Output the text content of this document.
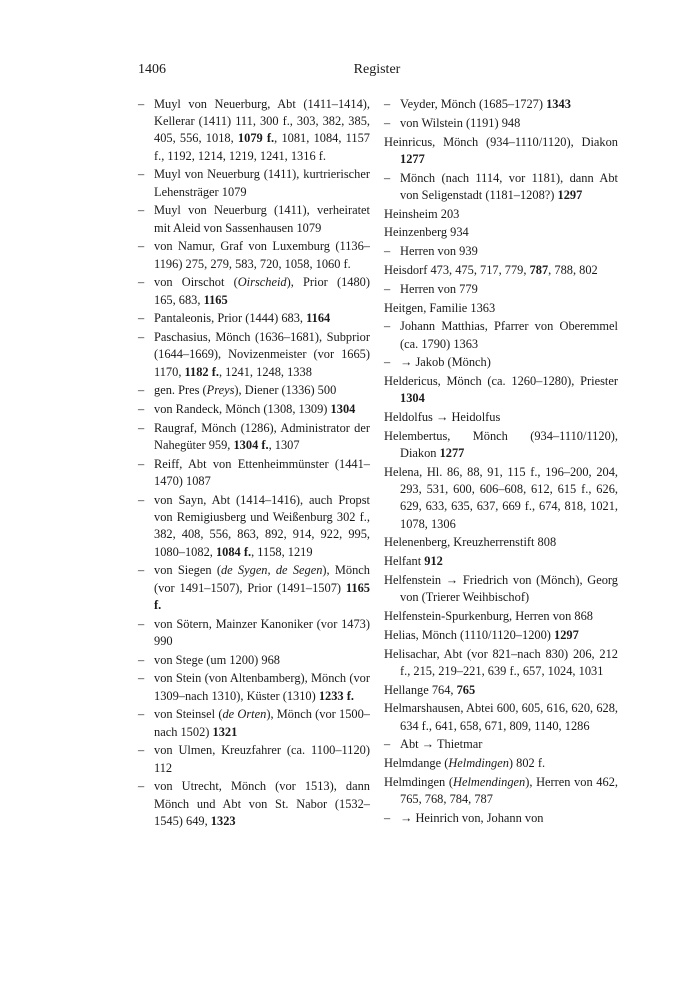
1406	Register

– Muyl von Neuerburg, Abt (1411–1414), Kellerar (1411) 111, 300 f., 303, 382, 385, 405, 556, 1018, 1079 f., 1081, 1084, 1157 f., 1192, 1214, 1219, 1241, 1316 f.

– Muyl von Neuerburg (1411), kurtrierischer Lehensträger 1079

– Muyl von Neuerburg (1411), verheiratet mit Aleid von Sassenhausen 1079

– von Namur, Graf von Luxemburg (1136–1196) 275, 279, 583, 720, 1058, 1060 f.

– von Oirschot (Oirscheid), Prior (1480) 165, 683, 1165

– Pantaleonis, Prior (1444) 683, 1164

– Paschasius, Mönch (1636–1681), Subprior (1644–1669), Novizenmeister (vor 1665) 1170, 1182 f., 1241, 1248, 1338

– gen. Pres (Preys), Diener (1336) 500

– von Randeck, Mönch (1308, 1309) 1304

– Raugraf, Mönch (1286), Administrator der Nahegüter 959, 1304 f., 1307

– Reiff, Abt von Ettenheimmünster (1441–1470) 1087

– von Sayn, Abt (1414–1416), auch Propst von Remigiusberg und Weißenburg 302 f., 382, 408, 556, 863, 892, 914, 922, 995, 1080–1082, 1084 f., 1158, 1219

– von Siegen (de Sygen, de Segen), Mönch (vor 1491–1507), Prior (1491–1507) 1165 f.

– von Sötern, Mainzer Kanoniker (vor 1473) 990

– von Stege (um 1200) 968

– von Stein (von Altenbamberg), Mönch (vor 1309–nach 1310), Küster (1310) 1233 f.

– von Steinsel (de Orten), Mönch (vor 1500–nach 1502) 1321

– von Ulmen, Kreuzfahrer (ca. 1100–1120) 112

– von Utrecht, Mönch (vor 1513), dann Mönch und Abt von St. Nabor (1532–1545) 649, 1323

– Veyder, Mönch (1685–1727) 1343

– von Wilstein (1191) 948

Heinricus, Mönch (934–1110/1120), Diakon 1277

– Mönch (nach 1114, vor 1181), dann Abt von Seligenstadt (1181–1208?) 1297

Heinsheim 203

Heinzenberg 934

– Herren von 939

Heisdorf 473, 475, 717, 779, 787, 788, 802

– Herren von 779

Heitgen, Familie 1363

– Johann Matthias, Pfarrer von Oberemmel (ca. 1790) 1363

– → Jakob (Mönch)

Heldericus, Mönch (ca. 1260–1280), Priester 1304

Heldolfus → Heidolfus

Helembertus, Mönch (934–1110/1120), Diakon 1277

Helena, Hl. 86, 88, 91, 115 f., 196–200, 204, 293, 531, 600, 606–608, 612, 615 f., 626, 629, 633, 635, 637, 669 f., 674, 818, 1021, 1078, 1306

Helenenberg, Kreuzherrenstift 808

Helfant 912

Helfenstein → Friedrich von (Mönch), Georg von (Trierer Weihbischof)

Helfenstein-Spurkenburg, Herren von 868

Helias, Mönch (1110/1120–1200) 1297

Helisachar, Abt (vor 821–nach 830) 206, 212 f., 215, 219–221, 639 f., 657, 1024, 1031

Hellange 764, 765

Helmarshausen, Abtei 600, 605, 616, 620, 628, 634 f., 641, 658, 671, 809, 1140, 1286

– Abt → Thietmar

Helmdange (Helmdingen) 802 f.

Helmdingen (Helmendingen), Herren von 462, 765, 768, 784, 787

– → Heinrich von, Johann von
